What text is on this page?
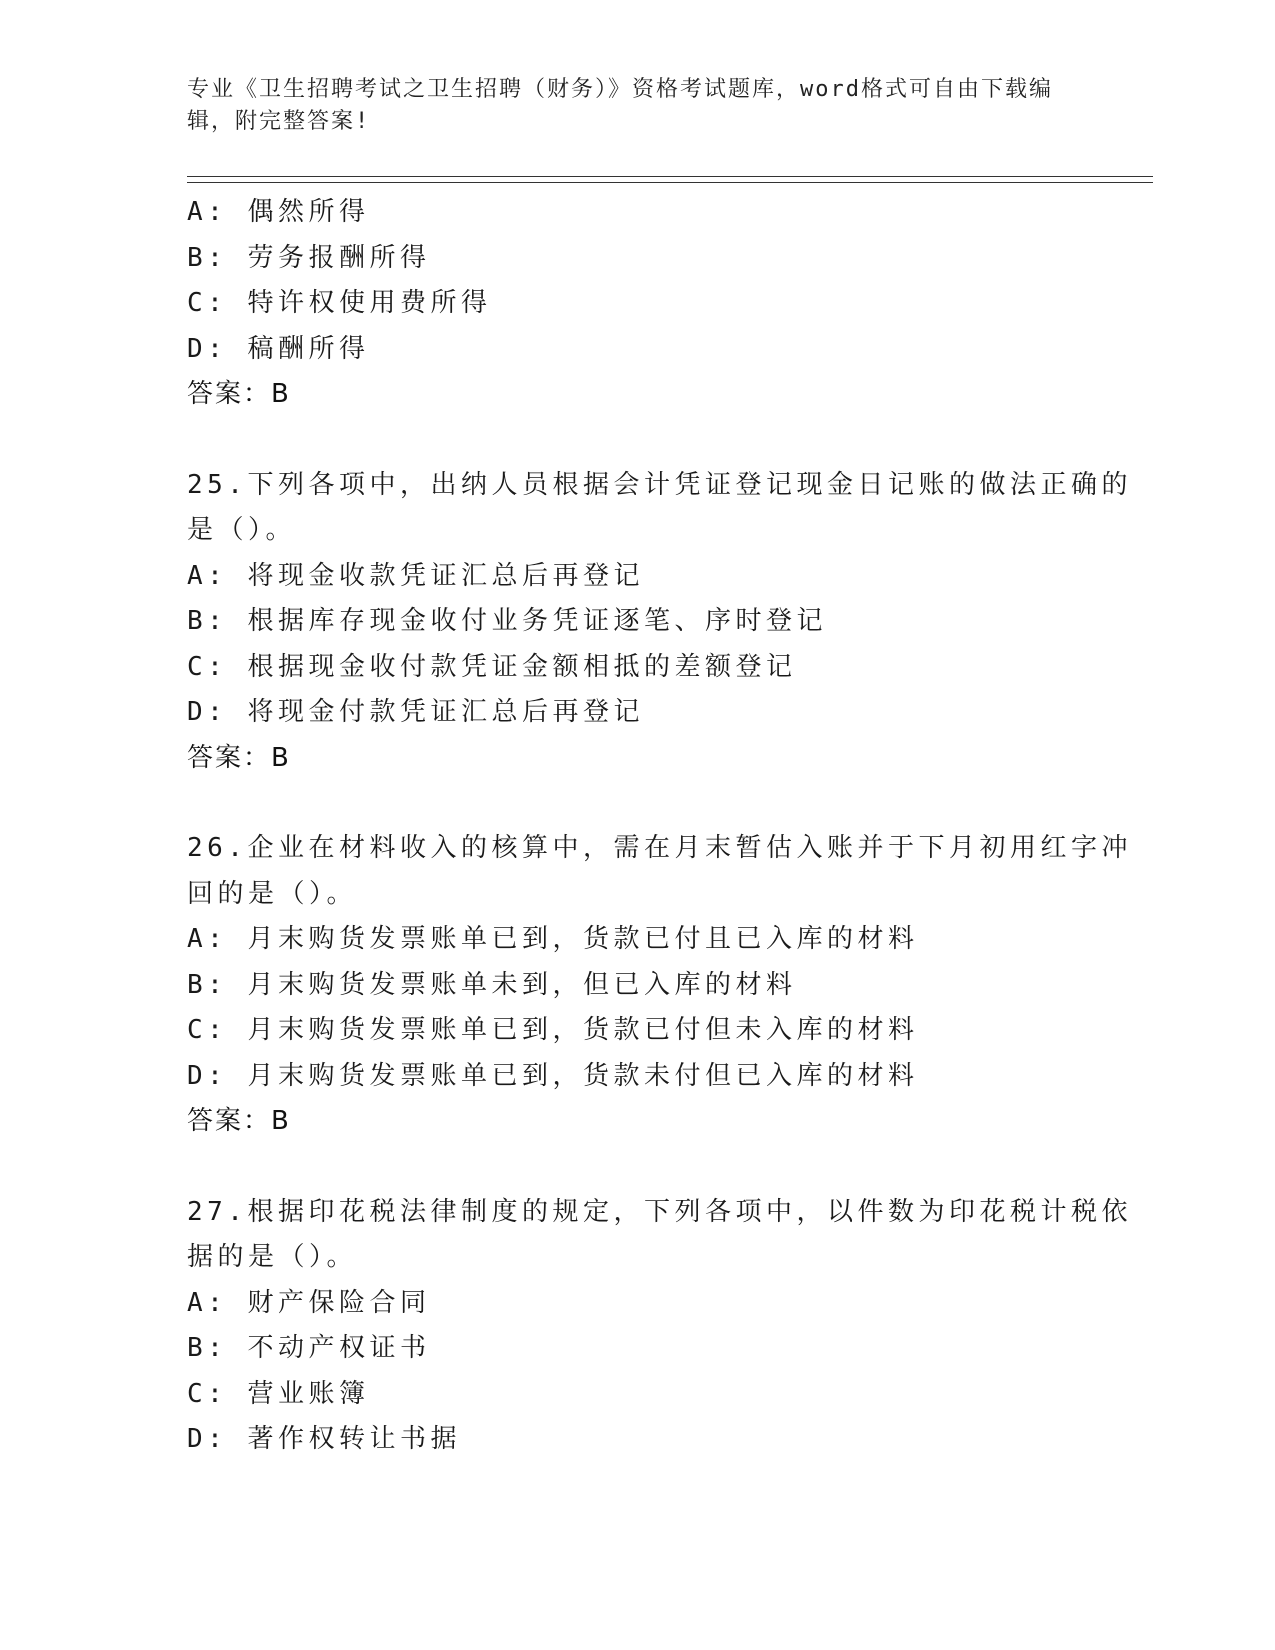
专业《卫生招聘考试之卫生招聘（财务）》资格考试题库，word格式可自由下载编辑，附完整答案!
A: 偶然所得
B: 劳务报酬所得
C: 特许权使用费所得
D: 稿酬所得
答案：B
25.下列各项中，出纳人员根据会计凭证登记现金日记账的做法正确的
是（）。
A: 将现金收款凭证汇总后再登记
B: 根据库存现金收付业务凭证逐笔、序时登记
C: 根据现金收付款凭证金额相抵的差额登记
D: 将现金付款凭证汇总后再登记
答案：B
26.企业在材料收入的核算中，需在月末暂估入账并于下月初用红字冲
回的是（）。
A: 月末购货发票账单已到，货款已付且已入库的材料
B: 月末购货发票账单未到，但已入库的材料
C: 月末购货发票账单已到，货款已付但未入库的材料
D: 月末购货发票账单已到，货款未付但已入库的材料
答案：B
27.根据印花税法律制度的规定，下列各项中，以件数为印花税计税依
据的是（）。
A: 财产保险合同
B: 不动产权证书
C: 营业账簿
D: 著作权转让书据
